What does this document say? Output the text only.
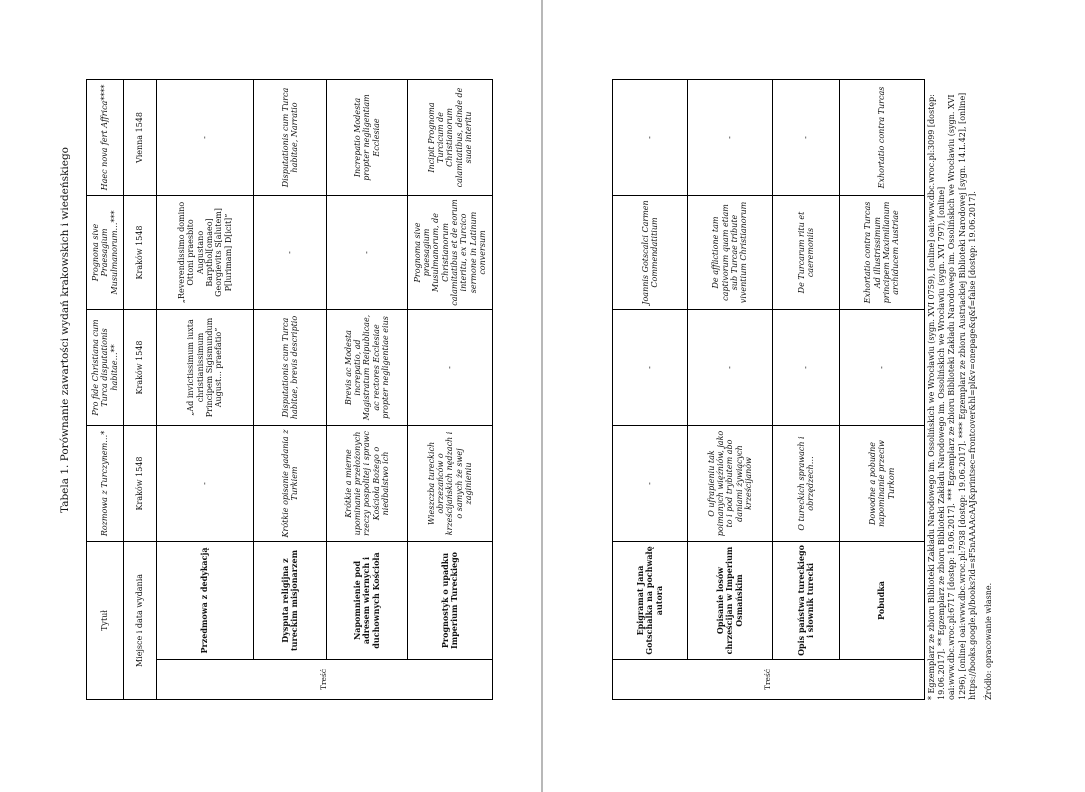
Tabela 1. Porównanie zawartości wydań krakowskich i wiedeńskiego
Tytuł		Rozmowa z Turczynem…*	Pro fide Christiana cum Turca disputationis habitae…**	Prognona sive Praesagium Musulmanorum…***	Haec nova fert Affrica****
Miejsce i data wydania		Kraków 1548	Kraków 1548	Kraków 1548	Vienna 1548
Treść	Przedmowa z dedykacją	-	„Ad invictissimum iuxta christianissimum Principem Sigismundum August... praefatio”	„Reverendissimo domino Ottoni praesbito Augustano Barpthol[omaeo] Georgievits S[alutem] P[lurimam] D[icit]”	-
	Dysputa religijna z tureckim misjonarzem	Krótkie opisanie gadania z Turkiem	Disputationis cum Turca habitae, brevis descriptio	-	Disputationis cum Turca habitae, Narratio
	Napomnienie pod adresem wiernych i duchownych Kościoła	Krótkie a mierne upominanie przełożonych rzeczy pospolitej i sprawc Kościoła Bożego o niedbalstwo ich	Brevis ac Modesta increpatio, ad Magistratum Reipublicae, ac rectores Ecclesiae propter negligentiae eius	-	Increpatio Modesta propter negligentiam Ecclesiae
	Prognostyk o upadku Imperium Tureckiego	Wieszczba tureckich obrzezańców o krześcijańskich nędzach i o samych że swej zaginieniu	-	Prognoma sive praesagium Musulmanorum, de Christianorum calamitatibus et de eorum interitu, ex Turcico sermone in Latinum conversum	Incipit Prognoma Turcicum de Christianorum calamitatibus, deinde de suae interitu
Treść	Epigramat Jana Gotschalka na pochwałę autora	-	-	Joannis Gotscalci Carmen Commendatitium	-
	Opisanie losów chrześcijan w Imperium Osmańskim	O ufrapieniu tak poimanych więźniów, jako to i pod trybutem abo daniami żywiących krześcijanów	-	De afflictione tam captivorum quam etiam sub Turcae tribute viventium Christianorum	-
	Opis państwa tureckiego i słownik turecki	O tureckich sprawach i obrzędzech…	-	De Turcarum ritu et caeremoniis	-
	Pobudka	Dowodne a pobudne napominanie przeciw Turkom	-	Exhortatio contra Turcas Ad illustrissimum principem Maximilianum archiducem Austriae	Exhortatio contra Turcas	* Egzemplarz ze zbioru Biblioteki Zakładu Narodowego im. Ossolińskich we Wrocławiu (sygn. XVI 0759), [online] oai:www.dbc.wroc.pl:3099 [dostęp: 19.06.2017]. ** Egzemplarz ze zbioru Biblioteki Zakładu Narodowego im. Ossolińskich we Wrocławiu (sygn. XVI 797), [online] oai:www.dbc.wroc.pl:6717 [dostęp: 19.06.2017]. *** Egzemplarz ze zbioru Biblioteki Zakładu Narodowego im. Ossolińskich we Wrocławiu (sygn. XVI 1296), [online] oai:www.dbc.wroc.pl:7938 [dostęp: 19.06.2017]. **** Egzemplarz ze zbioru Austriackiej Biblioteki Narodowej [sygn. 14.L.42], [online] https://books.google.pl/books?id=sF5nAAAAcAAJ&printsec=frontcover&hl=pl&v=onepage&q&f=false [dostęp: 19.06.2017]. Źródło: opracowanie własne.
